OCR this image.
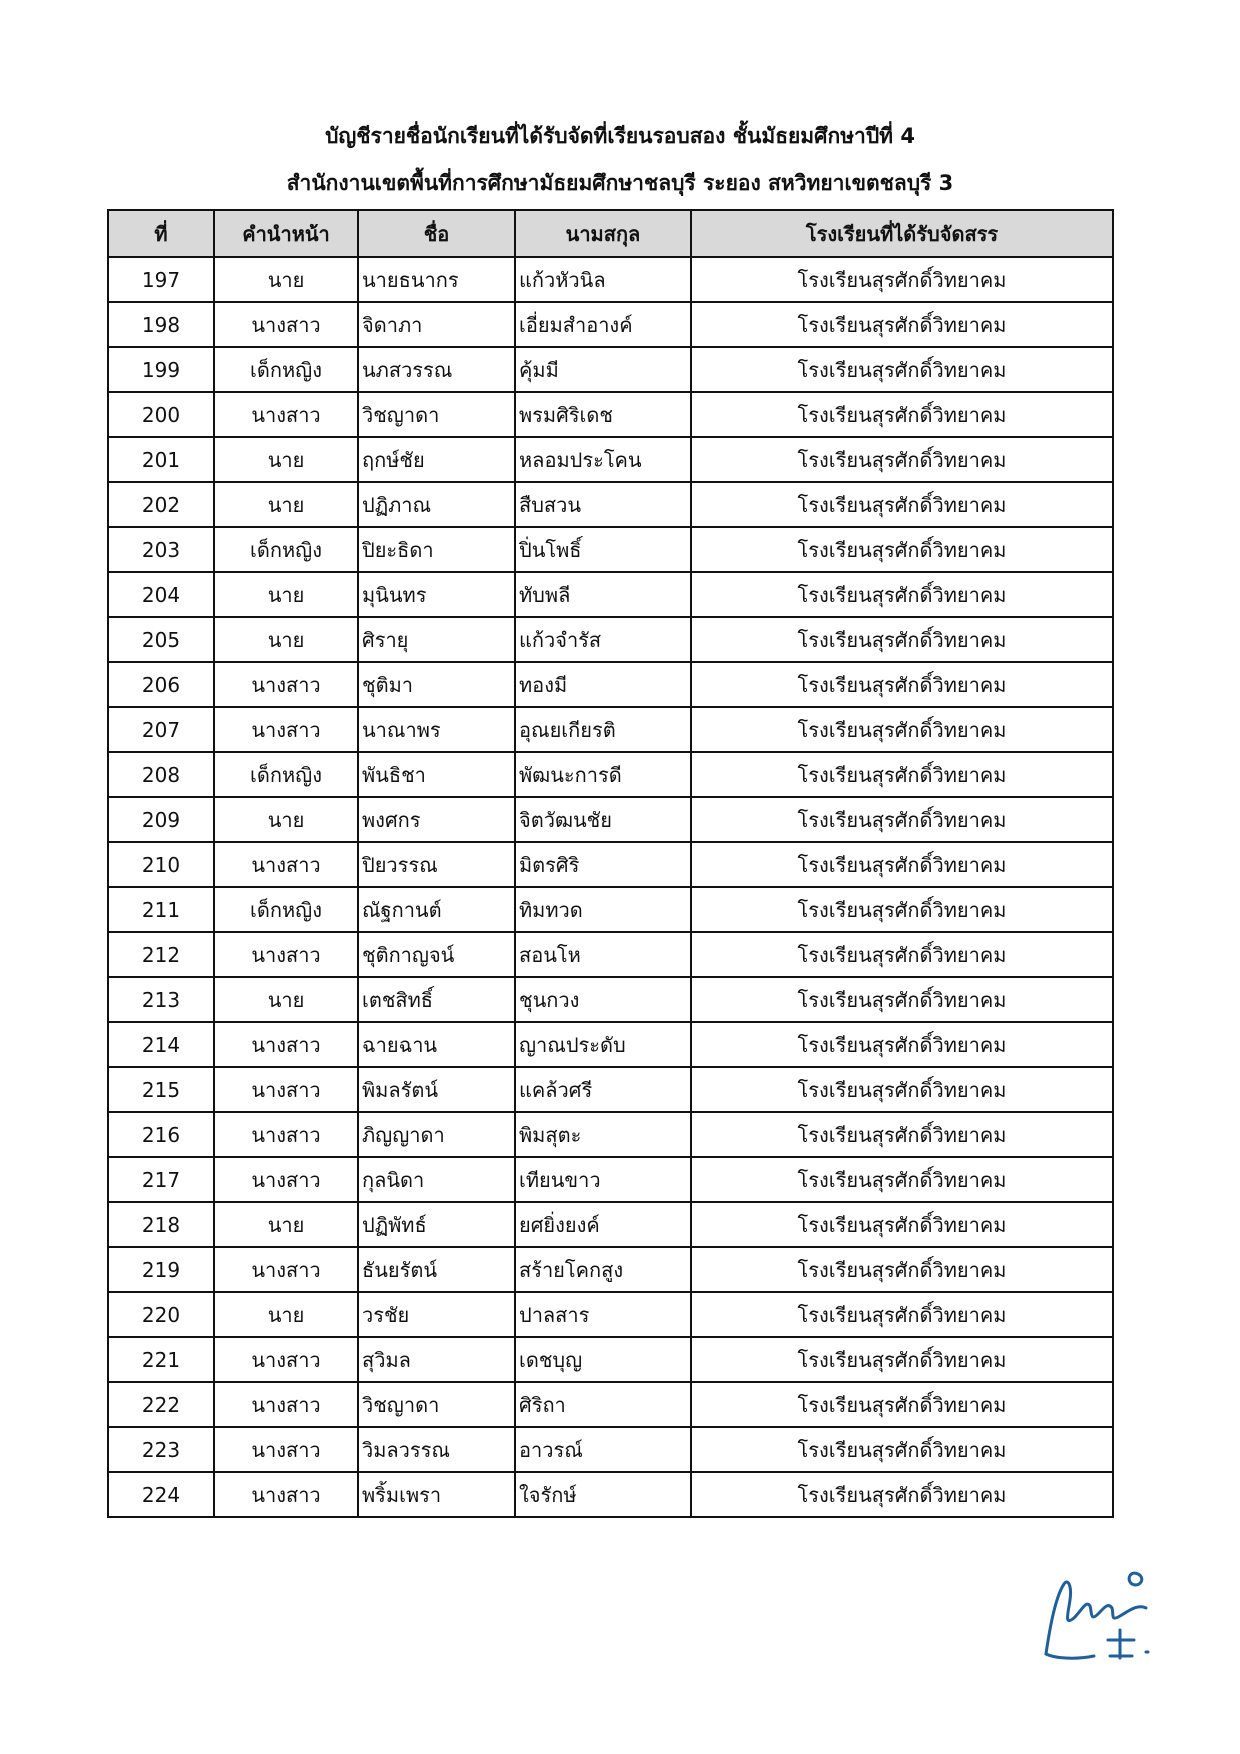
บัญชีรายชื่อนักเรียนที่ได้รับจัดที่เรียนรอบสอง ชั้นมัธยมศึกษาปีที่ 4
สำนักงานเขตพื้นที่การศึกษามัธยมศึกษาชลบุรี ระยอง สหวิทยาเขตชลบุรี 3
ที่	คำนำหน้า	ชื่อ	นามสกุล	โรงเรียนที่ได้รับจัดสรร
197	นาย	นายธนากร	แก้วหัวนิล	โรงเรียนสุรศักดิ์วิทยาคม
198	นางสาว	จิดาภา	เอี่ยมสำอางค์	โรงเรียนสุรศักดิ์วิทยาคม
199	เด็กหญิง	นภสวรรณ	คุ้มมี	โรงเรียนสุรศักดิ์วิทยาคม
200	นางสาว	วิชญาดา	พรมศิริเดช	โรงเรียนสุรศักดิ์วิทยาคม
201	นาย	ฤกษ์ชัย	หลอมประโคน	โรงเรียนสุรศักดิ์วิทยาคม
202	นาย	ปฏิภาณ	สืบสวน	โรงเรียนสุรศักดิ์วิทยาคม
203	เด็กหญิง	ปิยะธิดา	ปิ่นโพธิ์	โรงเรียนสุรศักดิ์วิทยาคม
204	นาย	มุนินทร	ทับพลี	โรงเรียนสุรศักดิ์วิทยาคม
205	นาย	ศิรายุ	แก้วจำรัส	โรงเรียนสุรศักดิ์วิทยาคม
206	นางสาว	ชุติมา	ทองมี	โรงเรียนสุรศักดิ์วิทยาคม
207	นางสาว	นาณาพร	อุณยเกียรติ	โรงเรียนสุรศักดิ์วิทยาคม
208	เด็กหญิง	พันธิชา	พัฒนะการดี	โรงเรียนสุรศักดิ์วิทยาคม
209	นาย	พงศกร	จิตวัฒนชัย	โรงเรียนสุรศักดิ์วิทยาคม
210	นางสาว	ปิยวรรณ	มิตรศิริ	โรงเรียนสุรศักดิ์วิทยาคม
211	เด็กหญิง	ณัฐกานต์	ทิมทวด	โรงเรียนสุรศักดิ์วิทยาคม
212	นางสาว	ชุติกาญจน์	สอนโห	โรงเรียนสุรศักดิ์วิทยาคม
213	นาย	เตชสิทธิ์	ชุนกวง	โรงเรียนสุรศักดิ์วิทยาคม
214	นางสาว	ฉายฉาน	ญาณประดับ	โรงเรียนสุรศักดิ์วิทยาคม
215	นางสาว	พิมลรัตน์	แคล้วศรี	โรงเรียนสุรศักดิ์วิทยาคม
216	นางสาว	ภิญญาดา	พิมสุตะ	โรงเรียนสุรศักดิ์วิทยาคม
217	นางสาว	กุลนิดา	เทียนขาว	โรงเรียนสุรศักดิ์วิทยาคม
218	นาย	ปฏิพัทธ์	ยศยิ่งยงค์	โรงเรียนสุรศักดิ์วิทยาคม
219	นางสาว	ธันยรัตน์	สร้ายโคกสูง	โรงเรียนสุรศักดิ์วิทยาคม
220	นาย	วรชัย	ปาลสาร	โรงเรียนสุรศักดิ์วิทยาคม
221	นางสาว	สุวิมล	เดชบุญ	โรงเรียนสุรศักดิ์วิทยาคม
222	นางสาว	วิชญาดา	ศิริถา	โรงเรียนสุรศักดิ์วิทยาคม
223	นางสาว	วิมลวรรณ	อาวรณ์	โรงเรียนสุรศักดิ์วิทยาคม
224	นางสาว	พริ้มเพรา	ใจรักษ์	โรงเรียนสุรศักดิ์วิทยาคม
